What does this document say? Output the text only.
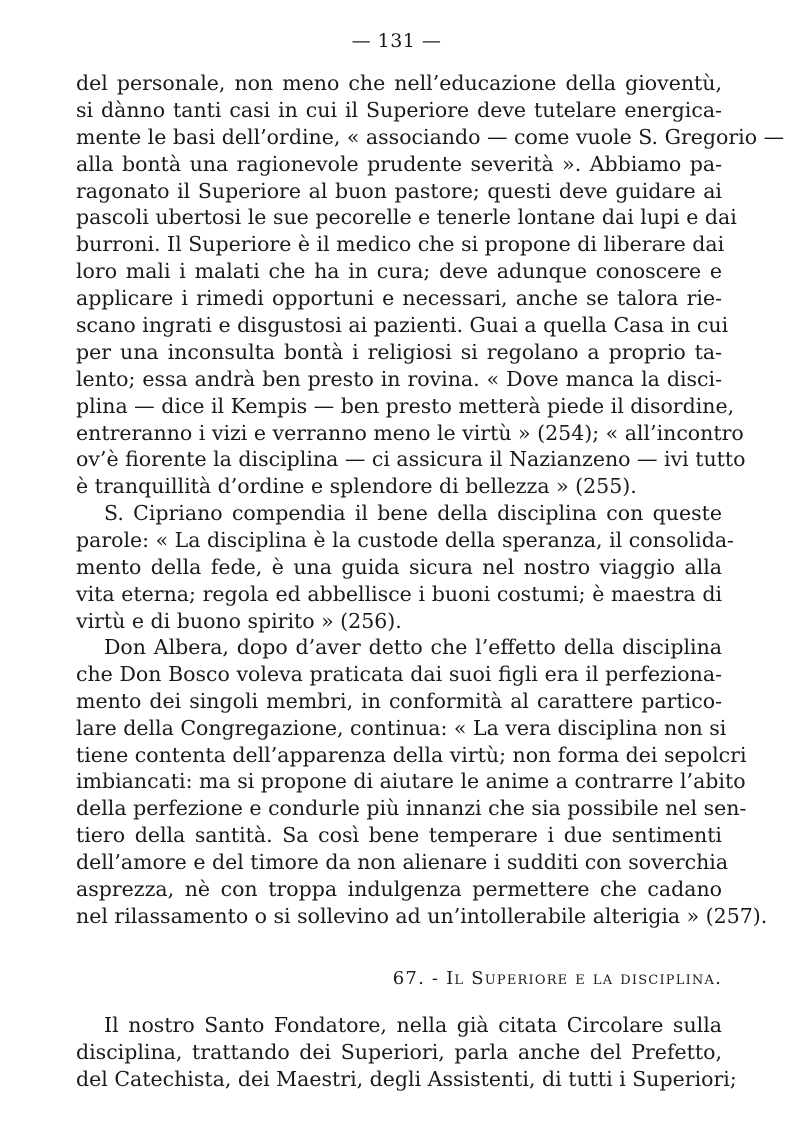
— 131 —
del personale, non meno che nell’educazione della gioventù,
si dànno tanti casi in cui il Superiore deve tutelare energica-
mente le basi dell’ordine, « associando — come vuole S. Gregorio —
alla bontà una ragionevole prudente severità ». Abbiamo pa-
ragonato il Superiore al buon pastore; questi deve guidare ai
pascoli ubertosi le sue pecorelle e tenerle lontane dai lupi e dai
burroni. Il Superiore è il medico che si propone di liberare dai
loro mali i malati che ha in cura; deve adunque conoscere e
applicare i rimedi opportuni e necessari, anche se talora rie-
scano ingrati e disgustosi ai pazienti. Guai a quella Casa in cui
per una inconsulta bontà i religiosi si regolano a proprio ta-
lento; essa andrà ben presto in rovina. « Dove manca la disci-
plina — dice il Kempis — ben presto metterà piede il disordine,
entreranno i vizi e verranno meno le virtù » (254); « all’incontro
ov’è fiorente la disciplina — ci assicura il Nazianzeno — ivi tutto
è tranquillità d’ordine e splendore di bellezza » (255).
S. Cipriano compendia il bene della disciplina con queste
parole: « La disciplina è la custode della speranza, il consolida-
mento della fede, è una guida sicura nel nostro viaggio alla
vita eterna; regola ed abbellisce i buoni costumi; è maestra di
virtù e di buono spirito » (256).
Don Albera, dopo d’aver detto che l’effetto della disciplina
che Don Bosco voleva praticata dai suoi figli era il perfeziona-
mento dei singoli membri, in conformità al carattere partico-
lare della Congregazione, continua: « La vera disciplina non si
tiene contenta dell’apparenza della virtù; non forma dei sepolcri
imbiancati: ma si propone di aiutare le anime a contrarre l’abito
della perfezione e condurle più innanzi che sia possibile nel sen-
tiero della santità. Sa così bene temperare i due sentimenti
dell’amore e del timore da non alienare i sudditi con soverchia
asprezza, nè con troppa indulgenza permettere che cadano
nel rilassamento o si sollevino ad un’intollerabile alterigia » (257).
67. - Il Superiore e la disciplina.
Il nostro Santo Fondatore, nella già citata Circolare sulla
disciplina, trattando dei Superiori, parla anche del Prefetto,
del Catechista, dei Maestri, degli Assistenti, di tutti i Superiori;
